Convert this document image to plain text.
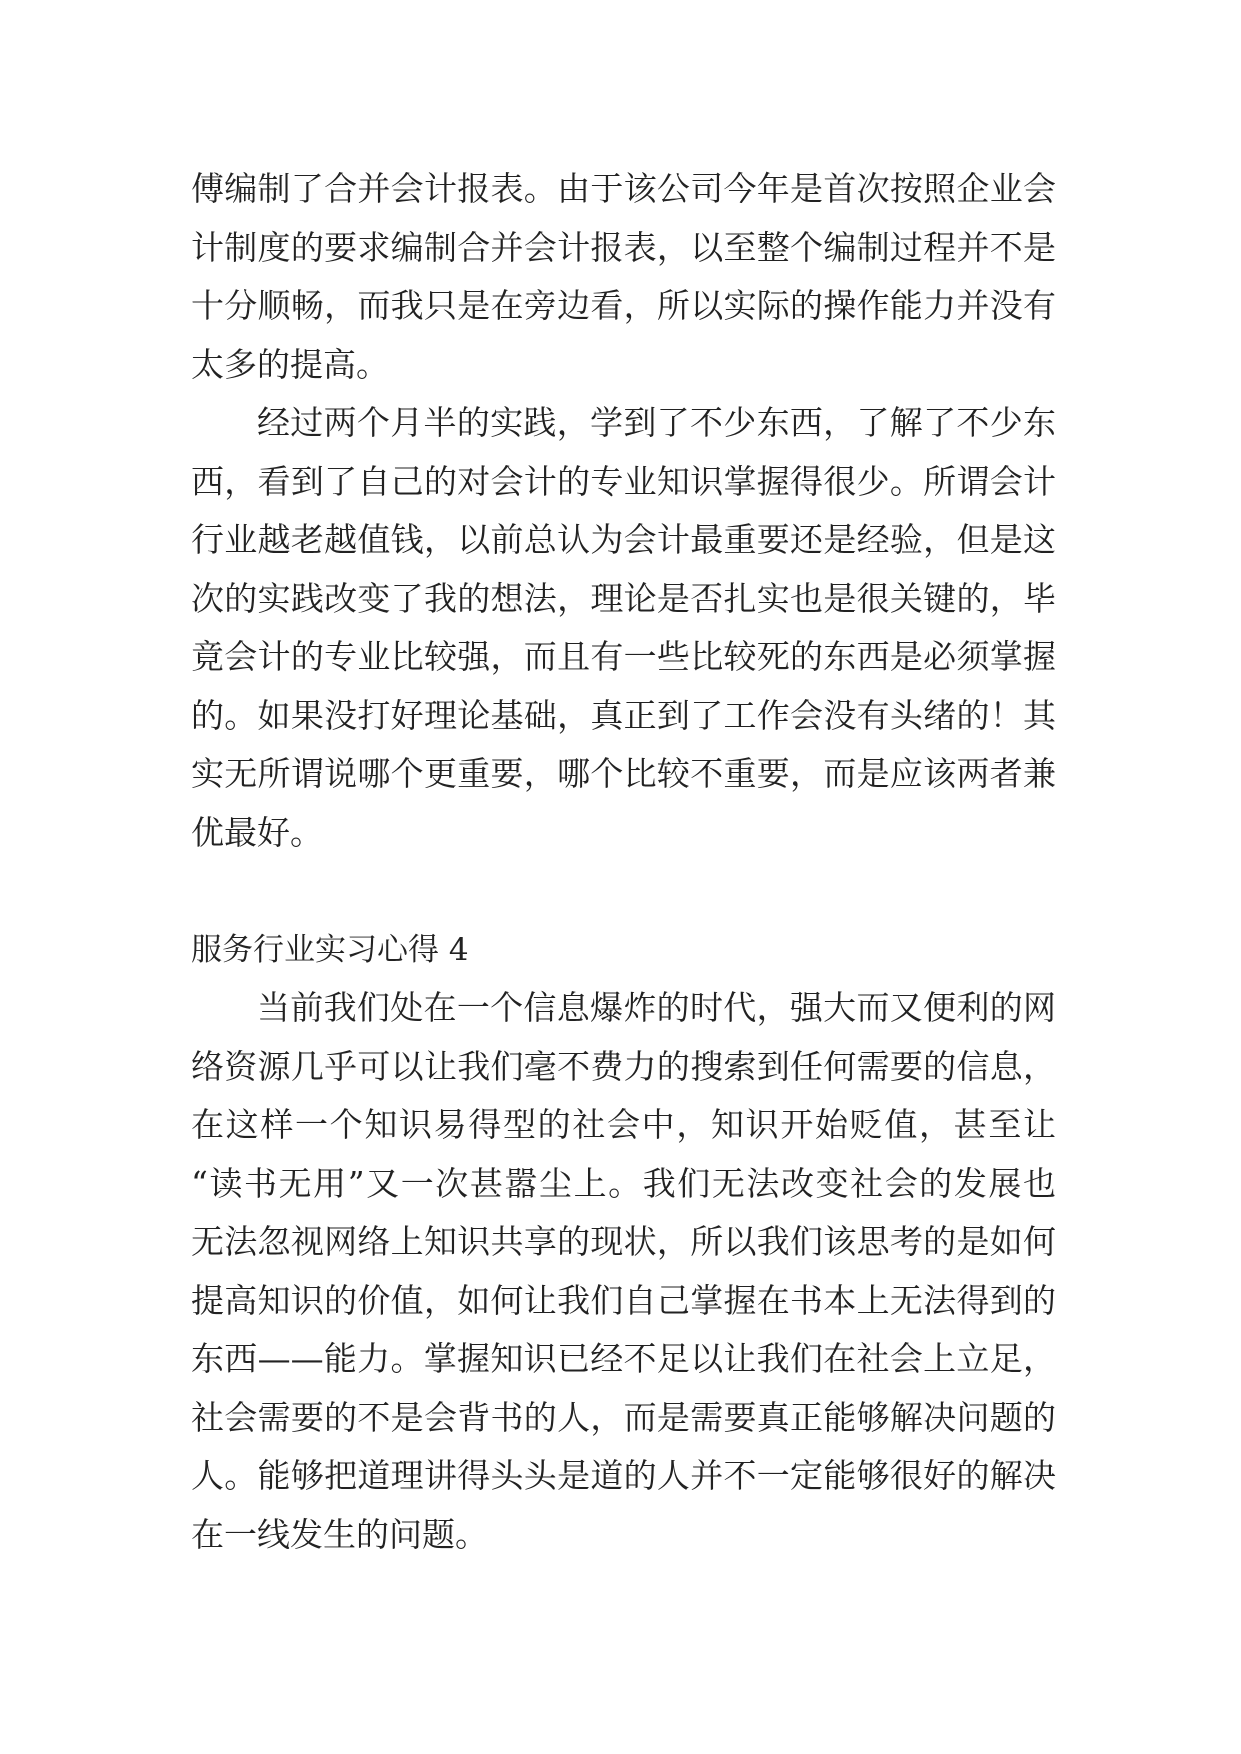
傅编制了合并会计报表。由于该公司今年是首次按照企业会
计制度的要求编制合并会计报表，以至整个编制过程并不是
十分顺畅，而我只是在旁边看，所以实际的操作能力并没有
太多的提高。
经过两个月半的实践，学到了不少东西，了解了不少东
西，看到了自己的对会计的专业知识掌握得很少。所谓会计
行业越老越值钱，以前总认为会计最重要还是经验，但是这
次的实践改变了我的想法，理论是否扎实也是很关键的，毕
竟会计的专业比较强，而且有一些比较死的东西是必须掌握
的。如果没打好理论基础，真正到了工作会没有头绪的！其
实无所谓说哪个更重要，哪个比较不重要，而是应该两者兼
优最好。
服务行业实习心得 4
当前我们处在一个信息爆炸的时代，强大而又便利的网
络资源几乎可以让我们毫不费力的搜索到任何需要的信息，
在这样一个知识易得型的社会中，知识开始贬值，甚至让
“读书无用”又一次甚嚣尘上。我们无法改变社会的发展也
无法忽视网络上知识共享的现状，所以我们该思考的是如何
提高知识的价值，如何让我们自己掌握在书本上无法得到的
东西——能力。掌握知识已经不足以让我们在社会上立足，
社会需要的不是会背书的人，而是需要真正能够解决问题的
人。能够把道理讲得头头是道的人并不一定能够很好的解决
在一线发生的问题。
